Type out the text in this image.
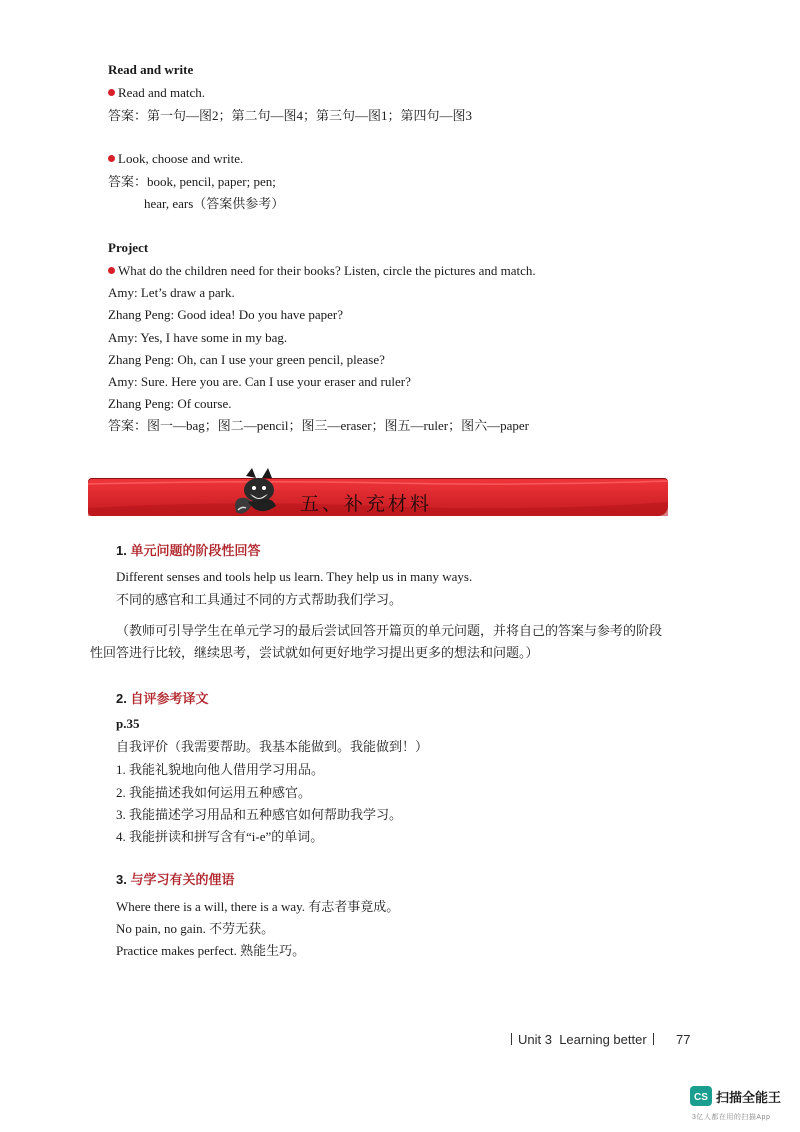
Read and write
Read and match.
答案：第一句—图2；第二句—图4；第三句—图1；第四句—图3
Look, choose and write.
答案：book, pencil, paper; pen;
hear, ears（答案供参考）
Project
What do the children need for their books? Listen, circle the pictures and match.
Amy: Let’s draw a park.
Zhang Peng: Good idea! Do you have paper?
Amy: Yes, I have some in my bag.
Zhang Peng: Oh, can I use your green pencil, please?
Amy: Sure. Here you are. Can I use your eraser and ruler?
Zhang Peng: Of course.
答案：图一—bag；图二—pencil；图三—eraser；图五—ruler；图六—paper
五、补充材料
1. 单元问题的阶段性回答
Different senses and tools help us learn. They help us in many ways.
不同的感官和工具通过不同的方式帮助我们学习。
（教师可引导学生在单元学习的最后尝试回答开篇页的单元问题，并将自己的答案与参考的阶段
性回答进行比较，继续思考，尝试就如何更好地学习提出更多的想法和问题。）
2. 自评参考译文
p.35
自我评价（我需要帮助。我基本能做到。我能做到！）
1. 我能礼貌地向他人借用学习用品。
2. 我能描述我如何运用五种感官。
3. 我能描述学习用品和五种感官如何帮助我学习。
4. 我能拼读和拼写含有“i-e”的单词。
3. 与学习有关的俚语
Where there is a will, there is a way. 有志者事竟成。
No pain, no gain. 不劳无获。
Practice makes perfect. 熟能生巧。
Unit 3 Learning better	77
CS 扫描全能王
3亿人都在用的扫描App
